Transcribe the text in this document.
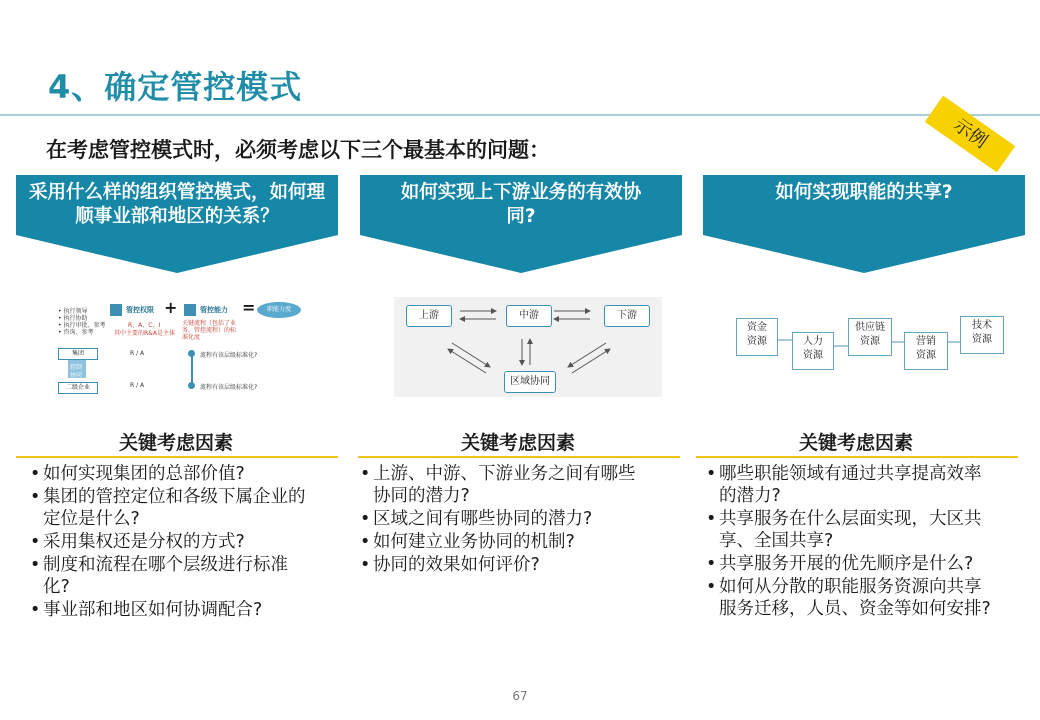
4、确定管控模式
在考虑管控模式时，必须考虑以下三个最基本的问题：	示例
采用什么样的组织管控模式，如何理顺事业部和地区的关系？
如何实现上下游业务的有效协同?
如何实现职能的共享?
• 执行领导
• 执行协助
• 执行审批、参考
• 咨询、参考
管控权限 +	管控能力 =	职能力度
R、A、C、I
其中主要的R&A是主体
关键流程（包括了业务、管控流程）的标准化度
集团
控制
协同
二级企业
R / A
R / A
流程有该层级标准化?
流程有该层级标准化?
上游	中游	下游
区域协同
资金
资源	人力
资源
供应链
资源	营销
资源
技术
资源
关键考虑因素	关键考虑因素	关键考虑因素
• 如何实现集团的总部价值?
• 集团的管控定位和各级下属企业的定位是什么?
• 采用集权还是分权的方式?
• 制度和流程在哪个层级进行标准化?
• 事业部和地区如何协调配合?
• 上游、中游、下游业务之间有哪些协同的潜力?
• 区域之间有哪些协同的潜力?
• 如何建立业务协同的机制?
• 协同的效果如何评价?
• 哪些职能领域有通过共享提高效率的潜力?
• 共享服务在什么层面实现，大区共享、全国共享?
• 共享服务开展的优先顺序是什么?
• 如何从分散的职能服务资源向共享服务迁移，人员、资金等如何安排?
67
